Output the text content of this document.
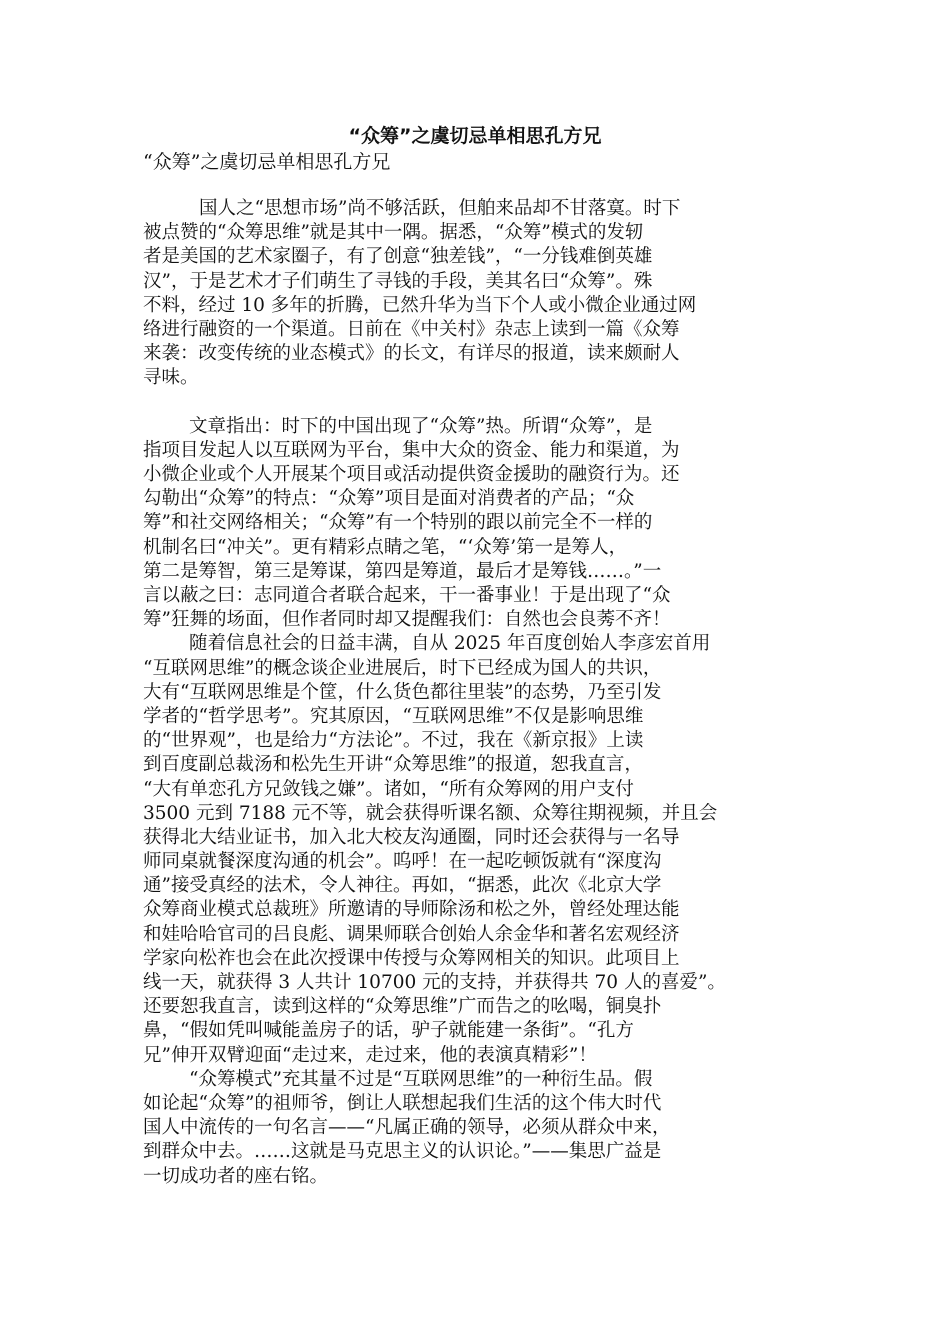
“众筹”之虞切忌单相思孔方兄
“众筹”之虞切忌单相思孔方兄
国人之“思想市场”尚不够活跃，但舶来品却不甘落寞。时下
被点赞的“众筹思维”就是其中一隅。据悉，“众筹”模式的发轫
者是美国的艺术家圈子，有了创意“独差钱”，“一分钱难倒英雄
汉”，于是艺术才子们萌生了寻钱的手段，美其名曰“众筹”。殊
不料，经过 10 多年的折腾，已然升华为当下个人或小微企业通过网
络进行融资的一个渠道。日前在《中关村》杂志上读到一篇《众筹
来袭：改变传统的业态模式》的长文，有详尽的报道，读来颇耐人
寻味。
文章指出：时下的中国出现了“众筹”热。所谓“众筹”，是
指项目发起人以互联网为平台，集中大众的资金、能力和渠道，为
小微企业或个人开展某个项目或活动提供资金援助的融资行为。还
勾勒出“众筹”的特点：“众筹”项目是面对消费者的产品；“众
筹”和社交网络相关；“众筹”有一个特别的跟以前完全不一样的
机制名曰“冲关”。更有精彩点睛之笔，“‘众筹’第一是筹人，
第二是筹智，第三是筹谋，第四是筹道，最后才是筹钱……。”一
言以蔽之曰：志同道合者联合起来，干一番事业！于是出现了“众
筹”狂舞的场面，但作者同时却又提醒我们：自然也会良莠不齐！
随着信息社会的日益丰满，自从 2025 年百度创始人李彦宏首用
“互联网思维”的概念谈企业进展后，时下已经成为国人的共识，
大有“互联网思维是个筐，什么货色都往里装”的态势，乃至引发
学者的“哲学思考”。究其原因，“互联网思维”不仅是影响思维
的“世界观”，也是给力“方法论”。不过，我在《新京报》上读
到百度副总裁汤和松先生开讲“众筹思维”的报道，恕我直言，
“大有单恋孔方兄敛钱之嫌”。诸如，“所有众筹网的用户支付
3500 元到 7188 元不等，就会获得听课名额、众筹往期视频，并且会
获得北大结业证书，加入北大校友沟通圈，同时还会获得与一名导
师同桌就餐深度沟通的机会”。呜呼！在一起吃顿饭就有“深度沟
通”接受真经的法术，令人神往。再如，“据悉，此次《北京大学
众筹商业模式总裁班》所邀请的导师除汤和松之外，曾经处理达能
和娃哈哈官司的吕良彪、调果师联合创始人余金华和著名宏观经济
学家向松祚也会在此次授课中传授与众筹网相关的知识。此项目上
线一天，就获得 3 人共计 10700 元的支持，并获得共 70 人的喜爱”。
还要恕我直言，读到这样的“众筹思维”广而告之的吆喝，铜臭扑
鼻，“假如凭叫喊能盖房子的话，驴子就能建一条街”。“孔方
兄”伸开双臂迎面“走过来，走过来，他的表演真精彩”！
“众筹模式”充其量不过是“互联网思维”的一种衍生品。假
如论起“众筹”的祖师爷，倒让人联想起我们生活的这个伟大时代
国人中流传的一句名言——“凡属正确的领导，必须从群众中来，
到群众中去。……这就是马克思主义的认识论。”——集思广益是
一切成功者的座右铭。
